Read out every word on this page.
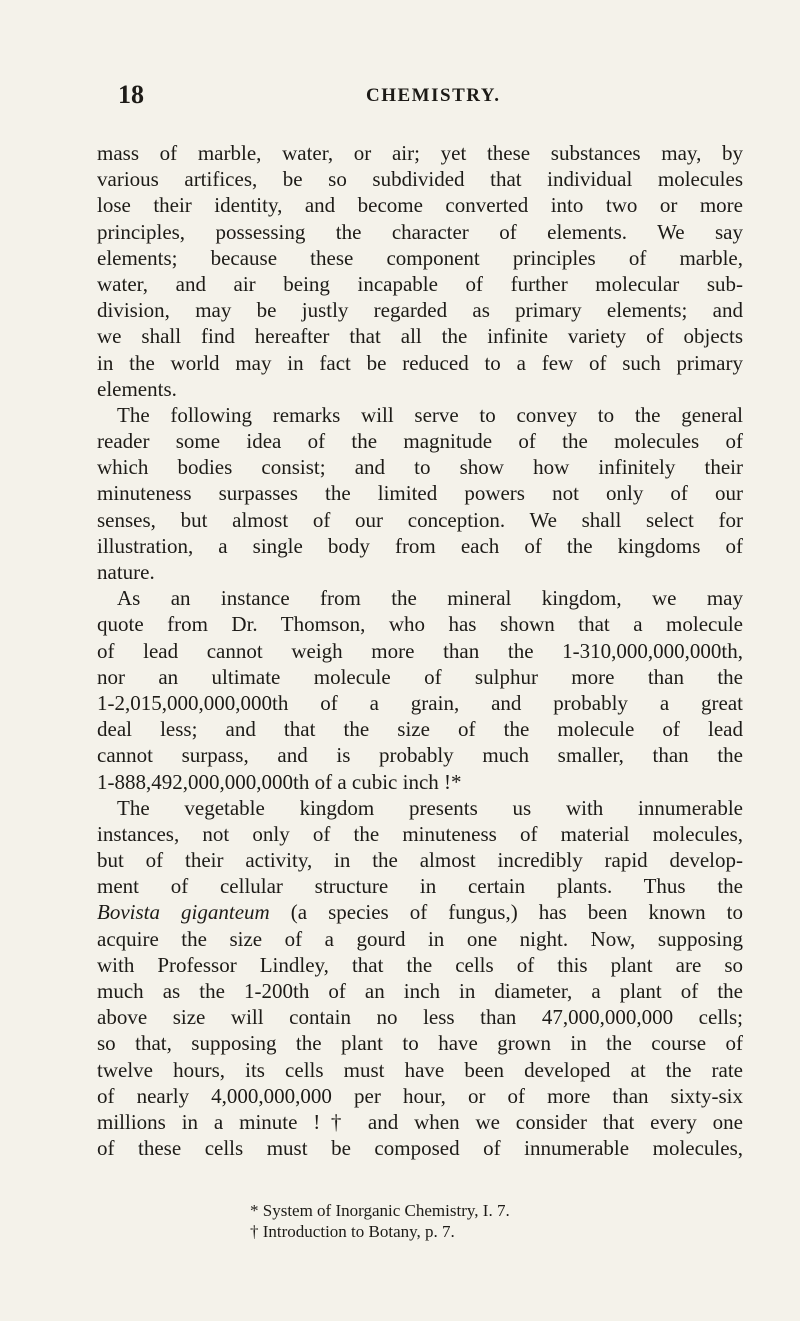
18	CHEMISTRY.
mass of marble, water, or air; yet these substances may, by
various artifices, be so subdivided that individual molecules
lose their identity, and become converted into two or more
principles, possessing the character of elements. We say
elements; because these component principles of marble,
water, and air being incapable of further molecular sub-
division, may be justly regarded as primary elements; and
we shall find hereafter that all the infinite variety of objects
in the world may in fact be reduced to a few of such primary
elements.
The following remarks will serve to convey to the general
reader some idea of the magnitude of the molecules of
which bodies consist; and to show how infinitely their
minuteness surpasses the limited powers not only of our
senses, but almost of our conception. We shall select for
illustration, a single body from each of the kingdoms of
nature.
As an instance from the mineral kingdom, we may
quote from Dr. Thomson, who has shown that a molecule
of lead cannot weigh more than the 1-310,000,000,000th,
nor an ultimate molecule of sulphur more than the
1-2,015,000,000,000th of a grain, and probably a great
deal less; and that the size of the molecule of lead
cannot surpass, and is probably much smaller, than the
1-888,492,000,000,000th of a cubic inch !*
The vegetable kingdom presents us with innumerable
instances, not only of the minuteness of material molecules,
but of their activity, in the almost incredibly rapid develop-
ment of cellular structure in certain plants. Thus the
Bovista giganteum (a species of fungus,) has been known to
acquire the size of a gourd in one night. Now, supposing
with Professor Lindley, that the cells of this plant are so
much as the 1-200th of an inch in diameter, a plant of the
above size will contain no less than 47,000,000,000 cells;
so that, supposing the plant to have grown in the course of
twelve hours, its cells must have been developed at the rate
of nearly 4,000,000,000 per hour, or of more than sixty-six
millions in a minute !† and when we consider that every one
of these cells must be composed of innumerable molecules,
* System of Inorganic Chemistry, I. 7.
† Introduction to Botany, p. 7.
